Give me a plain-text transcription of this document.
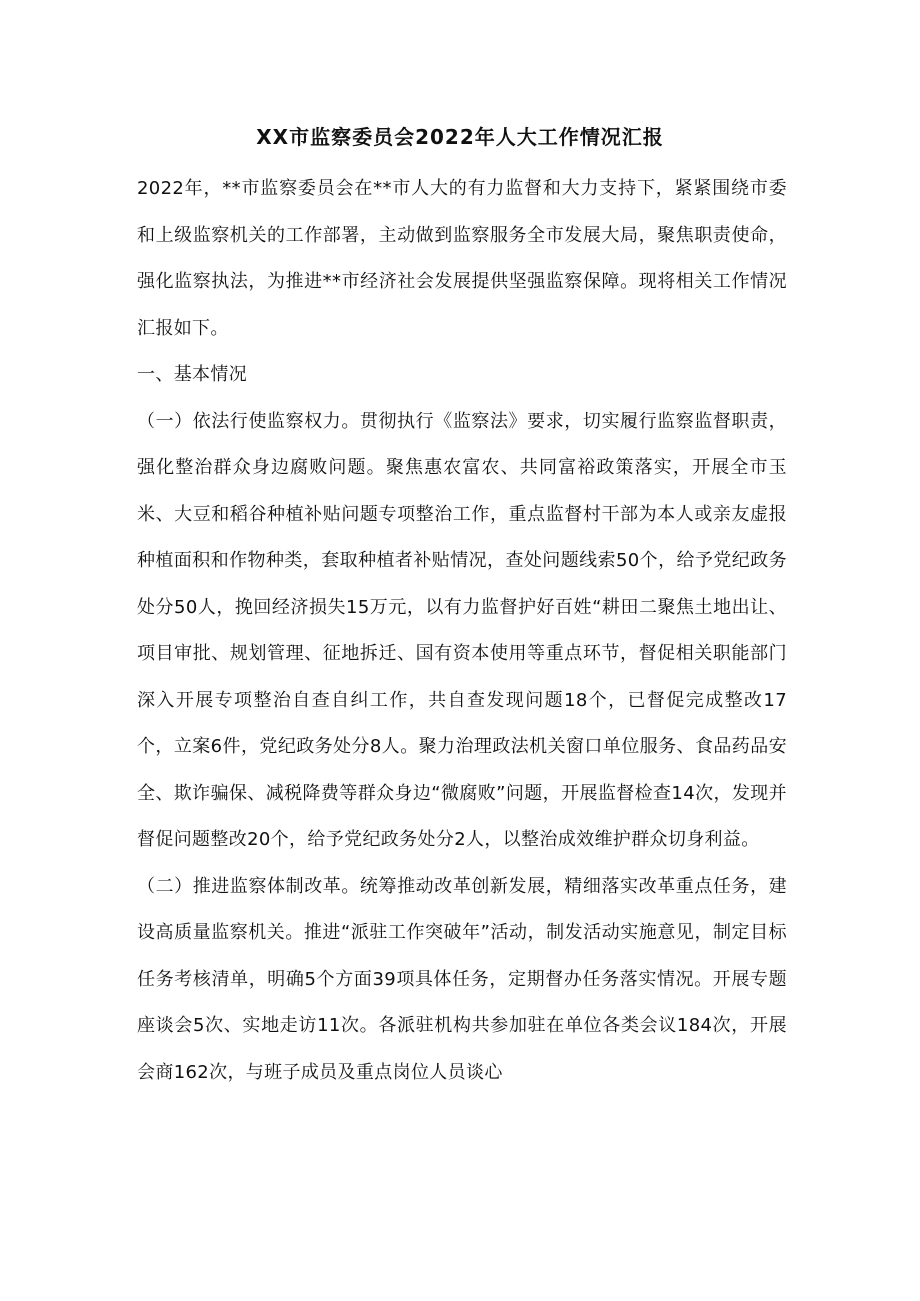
XX市监察委员会2022年人大工作情况汇报

2022年，**市监察委员会在**市人大的有力监督和大力支持下，紧紧围绕市委和上级监察机关的工作部署，主动做到监察服务全市发展大局，聚焦职责使命，强化监察执法，为推进**市经济社会发展提供坚强监察保障。现将相关工作情况汇报如下。

一、基本情况

（一）依法行使监察权力。贯彻执行《监察法》要求，切实履行监察监督职责，强化整治群众身边腐败问题。聚焦惠农富农、共同富裕政策落实，开展全市玉米、大豆和稻谷种植补贴问题专项整治工作，重点监督村干部为本人或亲友虚报种植面积和作物种类，套取种植者补贴情况，查处问题线索50个，给予党纪政务处分50人，挽回经济损失15万元，以有力监督护好百姓“耕田二聚焦土地出让、项目审批、规划管理、征地拆迁、国有资本使用等重点环节，督促相关职能部门深入开展专项整治自查自纠工作，共自查发现问题18个，已督促完成整改17个，立案6件，党纪政务处分8人。聚力治理政法机关窗口单位服务、食品药品安全、欺诈骗保、减税降费等群众身边“微腐败”问题，开展监督检查14次，发现并督促问题整改20个，给予党纪政务处分2人，以整治成效维护群众切身利益。

（二）推进监察体制改革。统筹推动改革创新发展，精细落实改革重点任务，建设高质量监察机关。推进“派驻工作突破年”活动，制发活动实施意见，制定目标任务考核清单，明确5个方面39项具体任务，定期督办任务落实情况。开展专题座谈会5次、实地走访11次。各派驻机构共参加驻在单位各类会议184次，开展会商162次，与班子成员及重点岗位人员谈心
